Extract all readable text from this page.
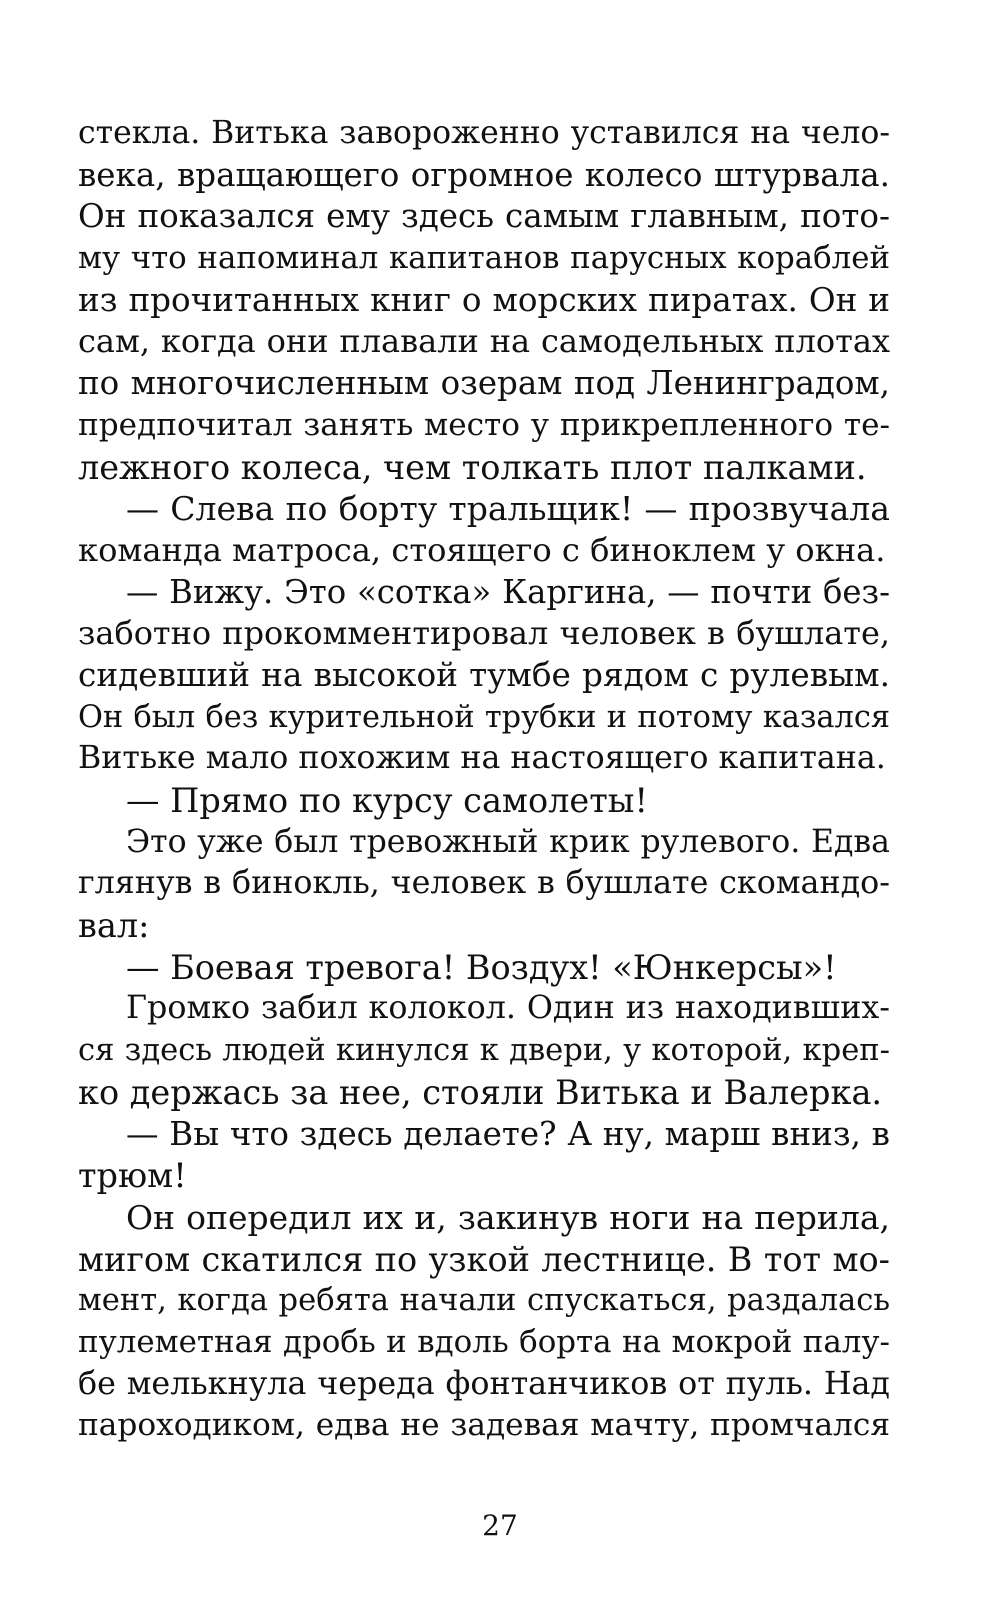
стекла. Витька завороженно уставился на чело-
века, вращающего огромное колесо штурвала.
Он показался ему здесь самым главным, пото-
му что напоминал капитанов парусных кораблей
из прочитанных книг о морских пиратах. Он и
сам, когда они плавали на самодельных плотах
по многочисленным озерам под Ленинградом,
предпочитал занять место у прикрепленного те-
лежного колеса, чем толкать плот палками.
— Слева по борту тральщик! — прозвучала
команда матроса, стоящего с биноклем у окна.
— Вижу. Это «сотка» Каргина, — почти без-
заботно прокомментировал человек в бушлате,
сидевший на высокой тумбе рядом с рулевым.
Он был без курительной трубки и потому казался
Витьке мало похожим на настоящего капитана.
— Прямо по курсу самолеты!
Это уже был тревожный крик рулевого. Едва
глянув в бинокль, человек в бушлате скомандо-
вал:
— Боевая тревога! Воздух! «Юнкерсы»!
Громко забил колокол. Один из находивших-
ся здесь людей кинулся к двери, у которой, креп-
ко держась за нее, стояли Витька и Валерка.
— Вы что здесь делаете? А ну, марш вниз, в
трюм!
Он опередил их и, закинув ноги на перила,
мигом скатился по узкой лестнице. В тот мо-
мент, когда ребята начали спускаться, раздалась
пулеметная дробь и вдоль борта на мокрой палу-
бе мелькнула череда фонтанчиков от пуль. Над
пароходиком, едва не задевая мачту, промчался
27
